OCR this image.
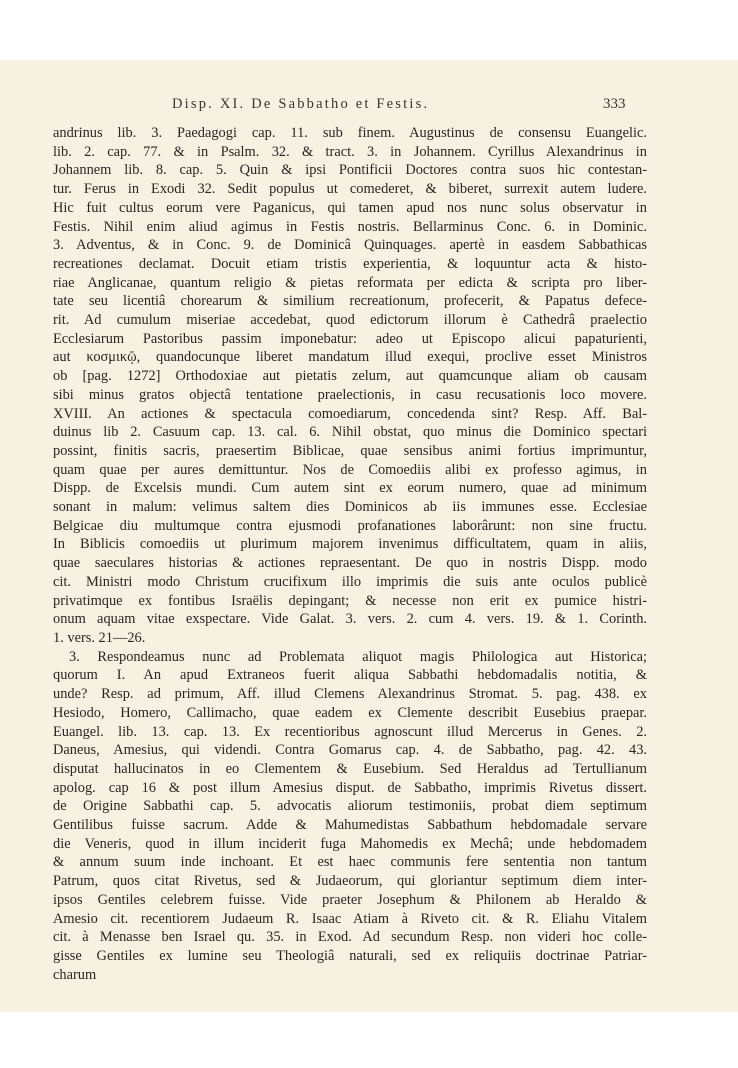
Disp. XI. De Sabbatho et Festis.	333
andrinus lib. 3. Paedagogi cap. 11. sub finem. Augustinus de consensu Euangelic.
lib. 2. cap. 77. & in Psalm. 32. & tract. 3. in Johannem. Cyrillus Alexandrinus in
Johannem lib. 8. cap. 5. Quin & ipsi Pontificii Doctores contra suos hic contestan-
tur. Ferus in Exodi 32. Sedit populus ut comederet, & biberet, surrexit autem ludere.
Hic fuit cultus eorum vere Paganicus, qui tamen apud nos nunc solus observatur in
Festis. Nihil enim aliud agimus in Festis nostris. Bellarminus Conc. 6. in Dominic.
3. Adventus, & in Conc. 9. de Dominicâ Quinquages. apertè in easdem Sabbathicas
recreationes declamat. Docuit etiam tristis experientia, & loquuntur acta & histo-
riae Anglicanae, quantum religio & pietas reformata per edicta & scripta pro liber-
tate seu licentiâ chorearum & similium recreationum, profecerit, & Papatus defece-
rit. Ad cumulum miseriae accedebat, quod edictorum illorum è Cathedrâ praelectio
Ecclesiarum Pastoribus passim imponebatur: adeo ut Episcopo alicui papaturienti,
aut κοσμικῷ, quandocunque liberet mandatum illud exequi, proclive esset Ministros
ob [pag. 1272] Orthodoxiae aut pietatis zelum, aut quamcunque aliam ob causam
sibi minus gratos objectâ tentatione praelectionis, in casu recusationis loco movere.
XVIII. An actiones & spectacula comoediarum, concedenda sint? Resp. Aff. Bal-
duinus lib 2. Casuum cap. 13. cal. 6. Nihil obstat, quo minus die Dominico spectari
possint, finitis sacris, praesertim Biblicae, quae sensibus animi fortius imprimuntur,
quam quae per aures demittuntur. Nos de Comoediis alibi ex professo agimus, in
Dispp. de Excelsis mundi. Cum autem sint ex eorum numero, quae ad minimum
sonant in malum: velimus saltem dies Dominicos ab iis immunes esse. Ecclesiae
Belgicae diu multumque contra ejusmodi profanationes laborârunt: non sine fructu.
In Biblicis comoediis ut plurimum majorem invenimus difficultatem, quam in aliis,
quae saeculares historias & actiones repraesentant. De quo in nostris Dispp. modo
cit. Ministri modo Christum crucifixum illo imprimis die suis ante oculos publicè
privatimque ex fontibus Israëlis depingant; & necesse non erit ex pumice histri-
onum aquam vitae exspectare. Vide Galat. 3. vers. 2. cum 4. vers. 19. & 1. Corinth.
1. vers. 21—26.
3. Respondeamus nunc ad Problemata aliquot magis Philologica aut Historica;
quorum I. An apud Extraneos fuerit aliqua Sabbathi hebdomadalis notitia, &
unde? Resp. ad primum, Aff. illud Clemens Alexandrinus Stromat. 5. pag. 438. ex
Hesiodo, Homero, Callimacho, quae eadem ex Clemente describit Eusebius praepar.
Euangel. lib. 13. cap. 13. Ex recentioribus agnoscunt illud Mercerus in Genes. 2.
Daneus, Amesius, qui videndi. Contra Gomarus cap. 4. de Sabbatho, pag. 42. 43.
disputat hallucinatos in eo Clementem & Eusebium. Sed Heraldus ad Tertullianum
apolog. cap 16 & post illum Amesius disput. de Sabbatho, imprimis Rivetus dissert.
de Origine Sabbathi cap. 5. advocatis aliorum testimoniis, probat diem septimum
Gentilibus fuisse sacrum. Adde & Mahumedistas Sabbathum hebdomadale servare
die Veneris, quod in illum inciderit fuga Mahomedis ex Mechâ; unde hebdomadem
& annum suum inde inchoant. Et est haec communis fere sententia non tantum
Patrum, quos citat Rivetus, sed & Judaeorum, qui gloriantur septimum diem inter-
ipsos Gentiles celebrem fuisse. Vide praeter Josephum & Philonem ab Heraldo &
Amesio cit. recentiorem Judaeum R. Isaac Atiam à Riveto cit. & R. Eliahu Vitalem
cit. à Menasse ben Israel qu. 35. in Exod. Ad secundum Resp. non videri hoc colle-
gisse Gentiles ex lumine seu Theologiâ naturali, sed ex reliquiis doctrinae Patriar-
charum
